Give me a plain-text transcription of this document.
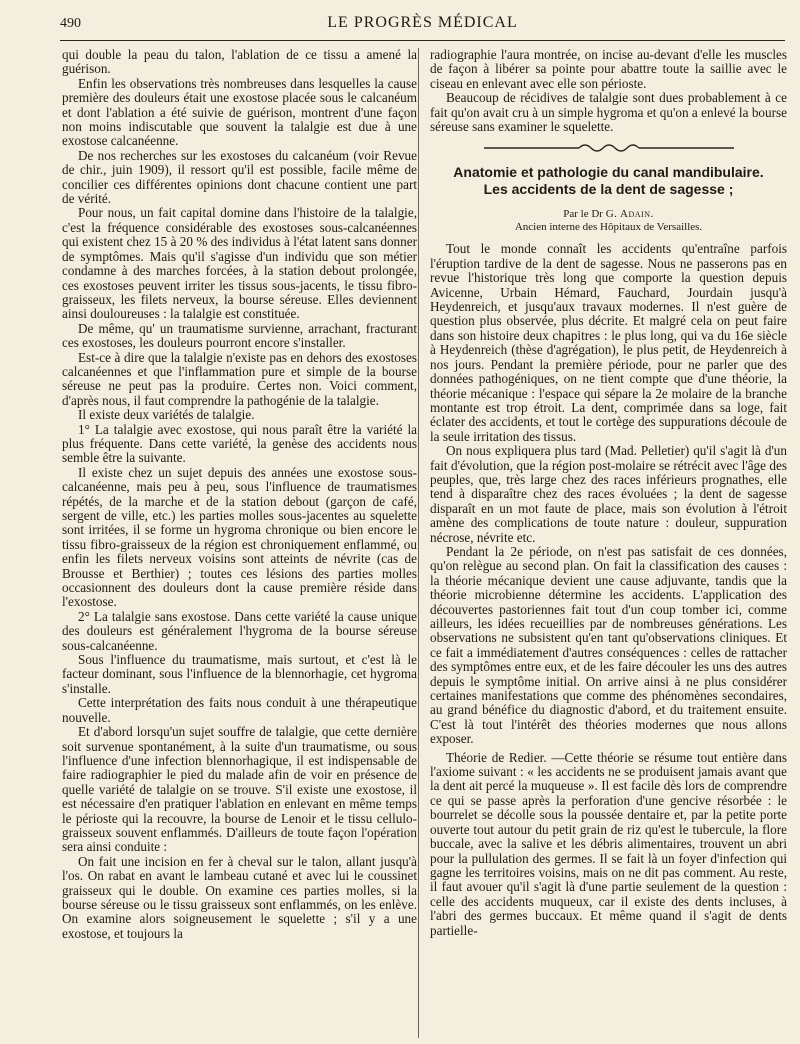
490	LE PROGRÈS MÉDICAL

qui double la peau du talon, l'ablation de ce tissu a amené la guérison.

Enfin les observations très nombreuses dans lesquelles la cause première des douleurs était une exostose placée sous le calcanéum et dont l'ablation a été suivie de guérison, montrent d'une façon non moins indiscutable que souvent la talalgie est due à une exostose calcanéenne.

De nos recherches sur les exostoses du calcanéum (voir Revue de chir., juin 1909), il ressort qu'il est possible, facile même de concilier ces différentes opinions dont chacune contient une part de vérité.

Pour nous, un fait capital domine dans l'histoire de la talalgie, c'est la fréquence considérable des exostoses sous-calcanéennes qui existent chez 15 à 20 % des individus à l'état latent sans donner de symptômes. Mais qu'il s'agisse d'un individu que son métier condamne à des marches forcées, à la station debout prolongée, ces exostoses peuvent irriter les tissus sous-jacents, le tissu fibro-graisseux, les filets nerveux, la bourse séreuse. Elles deviennent ainsi douloureuses : la talalgie est constituée.

De même, qu' un traumatisme survienne, arrachant, fracturant ces exostoses, les douleurs pourront encore s'installer.

Est-ce à dire que la talalgie n'existe pas en dehors des exostoses calcanéennes et que l'inflammation pure et simple de la bourse séreuse ne peut pas la produire. Certes non. Voici comment, d'après nous, il faut comprendre la pathogénie de la talalgie.

Il existe deux variétés de talalgie.

1° La talalgie avec exostose, qui nous paraît être la variété la plus fréquente. Dans cette variété, la genèse des accidents nous semble être la suivante.

Il existe chez un sujet depuis des années une exostose sous-calcanéenne, mais peu à peu, sous l'influence de traumatismes répétés, de la marche et de la station debout (garçon de café, sergent de ville, etc.) les parties molles sous-jacentes au squelette sont irritées, il se forme un hygroma chronique ou bien encore le tissu fibro-graisseux de la région est chroniquement enflammé, ou enfin les filets nerveux voisins sont atteints de névrite (cas de Brousse et Berthier) ; toutes ces lésions des parties molles occasionnent des douleurs dont la cause première réside dans l'exostose.

2° La talalgie sans exostose. Dans cette variété la cause unique des douleurs est généralement l'hygroma de la bourse séreuse sous-calcanéenne.

Sous l'influence du traumatisme, mais surtout, et c'est là le facteur dominant, sous l'influence de la blennorhagie, cet hygroma s'installe.

Cette interprétation des faits nous conduit à une thérapeutique nouvelle.

Et d'abord lorsqu'un sujet souffre de talalgie, que cette dernière soit survenue spontanément, à la suite d'un traumatisme, ou sous l'influence d'une infection blennorhagique, il est indispensable de faire radiographier le pied du malade afin de voir en présence de quelle variété de talalgie on se trouve. S'il existe une exostose, il est nécessaire d'en pratiquer l'ablation en enlevant en même temps le périoste qui la recouvre, la bourse de Lenoir et le tissu cellulo-graisseux souvent enflammés. D'ailleurs de toute façon l'opération sera ainsi conduite :

On fait une incision en fer à cheval sur le talon, allant jusqu'à l'os. On rabat en avant le lambeau cutané et avec lui le coussinet graisseux qui le double. On examine ces parties molles, si la bourse séreuse ou le tissu graisseux sont enflammés, on les enlève. On examine alors soigneusement le squelette ; s'il y a une exostose, et toujours la

radiographie l'aura montrée, on incise au-devant d'elle les muscles de façon à libérer sa pointe pour abattre toute la saillie avec le ciseau en enlevant avec elle son périoste.

Beaucoup de récidives de talalgie sont dues probablement à ce fait qu'on avait cru à un simple hygroma et qu'on a enlevé la bourse séreuse sans examiner le squelette.

Anatomie et pathologie du canal mandibulaire.
Les accidents de la dent de sagesse ;
Par le Dr G. Adain.
Ancien interne des Hôpitaux de Versailles.

Tout le monde connaît les accidents qu'entraîne parfois l'éruption tardive de la dent de sagesse. Nous ne passerons pas en revue l'historique très long que comporte la question depuis Avicenne, Urbain Hémard, Fauchard, Jourdain jusqu'à Heydenreich, et jusqu'aux travaux modernes. Il n'est guère de question plus observée, plus décrite. Et malgré cela on peut faire dans son histoire deux chapitres : le plus long, qui va du 16e siècle à Heydenreich (thèse d'agrégation), le plus petit, de Heydenreich à nos jours. Pendant la première période, pour ne parler que des données pathogéniques, on ne tient compte que d'une théorie, la théorie mécanique : l'espace qui sépare la 2e molaire de la branche montante est trop étroit. La dent, comprimée dans sa loge, fait éclater des accidents, et tout le cortège des suppurations découle de la seule irritation des tissus.

On nous expliquera plus tard (Mad. Pelletier) qu'il s'agit là d'un fait d'évolution, que la région post-molaire se rétrécit avec l'âge des peuples, que, très large chez des races inférieurs prognathes, elle tend à disparaître chez des races évoluées ; la dent de sagesse disparaît en un mot faute de place, mais son évolution à l'étroit amène des complications de toute nature : douleur, suppuration nécrose, névrite etc.

Pendant la 2e période, on n'est pas satisfait de ces données, qu'on relègue au second plan. On fait la classification des causes : la théorie mécanique devient une cause adjuvante, tandis que la théorie microbienne détermine les accidents. L'application des découvertes pastoriennes fait tout d'un coup tomber ici, comme ailleurs, les idées recueillies par de nombreuses générations. Les observations ne subsistent qu'en tant qu'observations cliniques. Et ce fait a immédiatement d'autres conséquences : celles de rattacher des symptômes entre eux, et de les faire découler les uns des autres depuis le symptôme initial. On arrive ainsi à ne plus considérer certaines manifestations que comme des phénomènes secondaires, au grand bénéfice du diagnostic d'abord, et du traitement ensuite. C'est là tout l'intérêt des théories modernes que nous allons exposer.

Théorie de Redier. —Cette théorie se résume tout entière dans l'axiome suivant : « les accidents ne se produisent jamais avant que la dent ait percé la muqueuse ». Il est facile dès lors de comprendre ce qui se passe après la perforation d'une gencive résorbée : le bourrelet se décolle sous la poussée dentaire et, par la petite porte ouverte tout autour du petit grain de riz qu'est le tubercule, la flore buccale, avec la salive et les débris alimentaires, trouvent un abri pour la pullulation des germes. Il se fait là un foyer d'infection qui gagne les territoires voisins, mais on ne dit pas comment. Au reste, il faut avouer qu'il s'agit là d'une partie seulement de la question : celle des accidents muqueux, car il existe des dents incluses, à l'abri des germes buccaux. Et même quand il s'agit de dents partielle-
